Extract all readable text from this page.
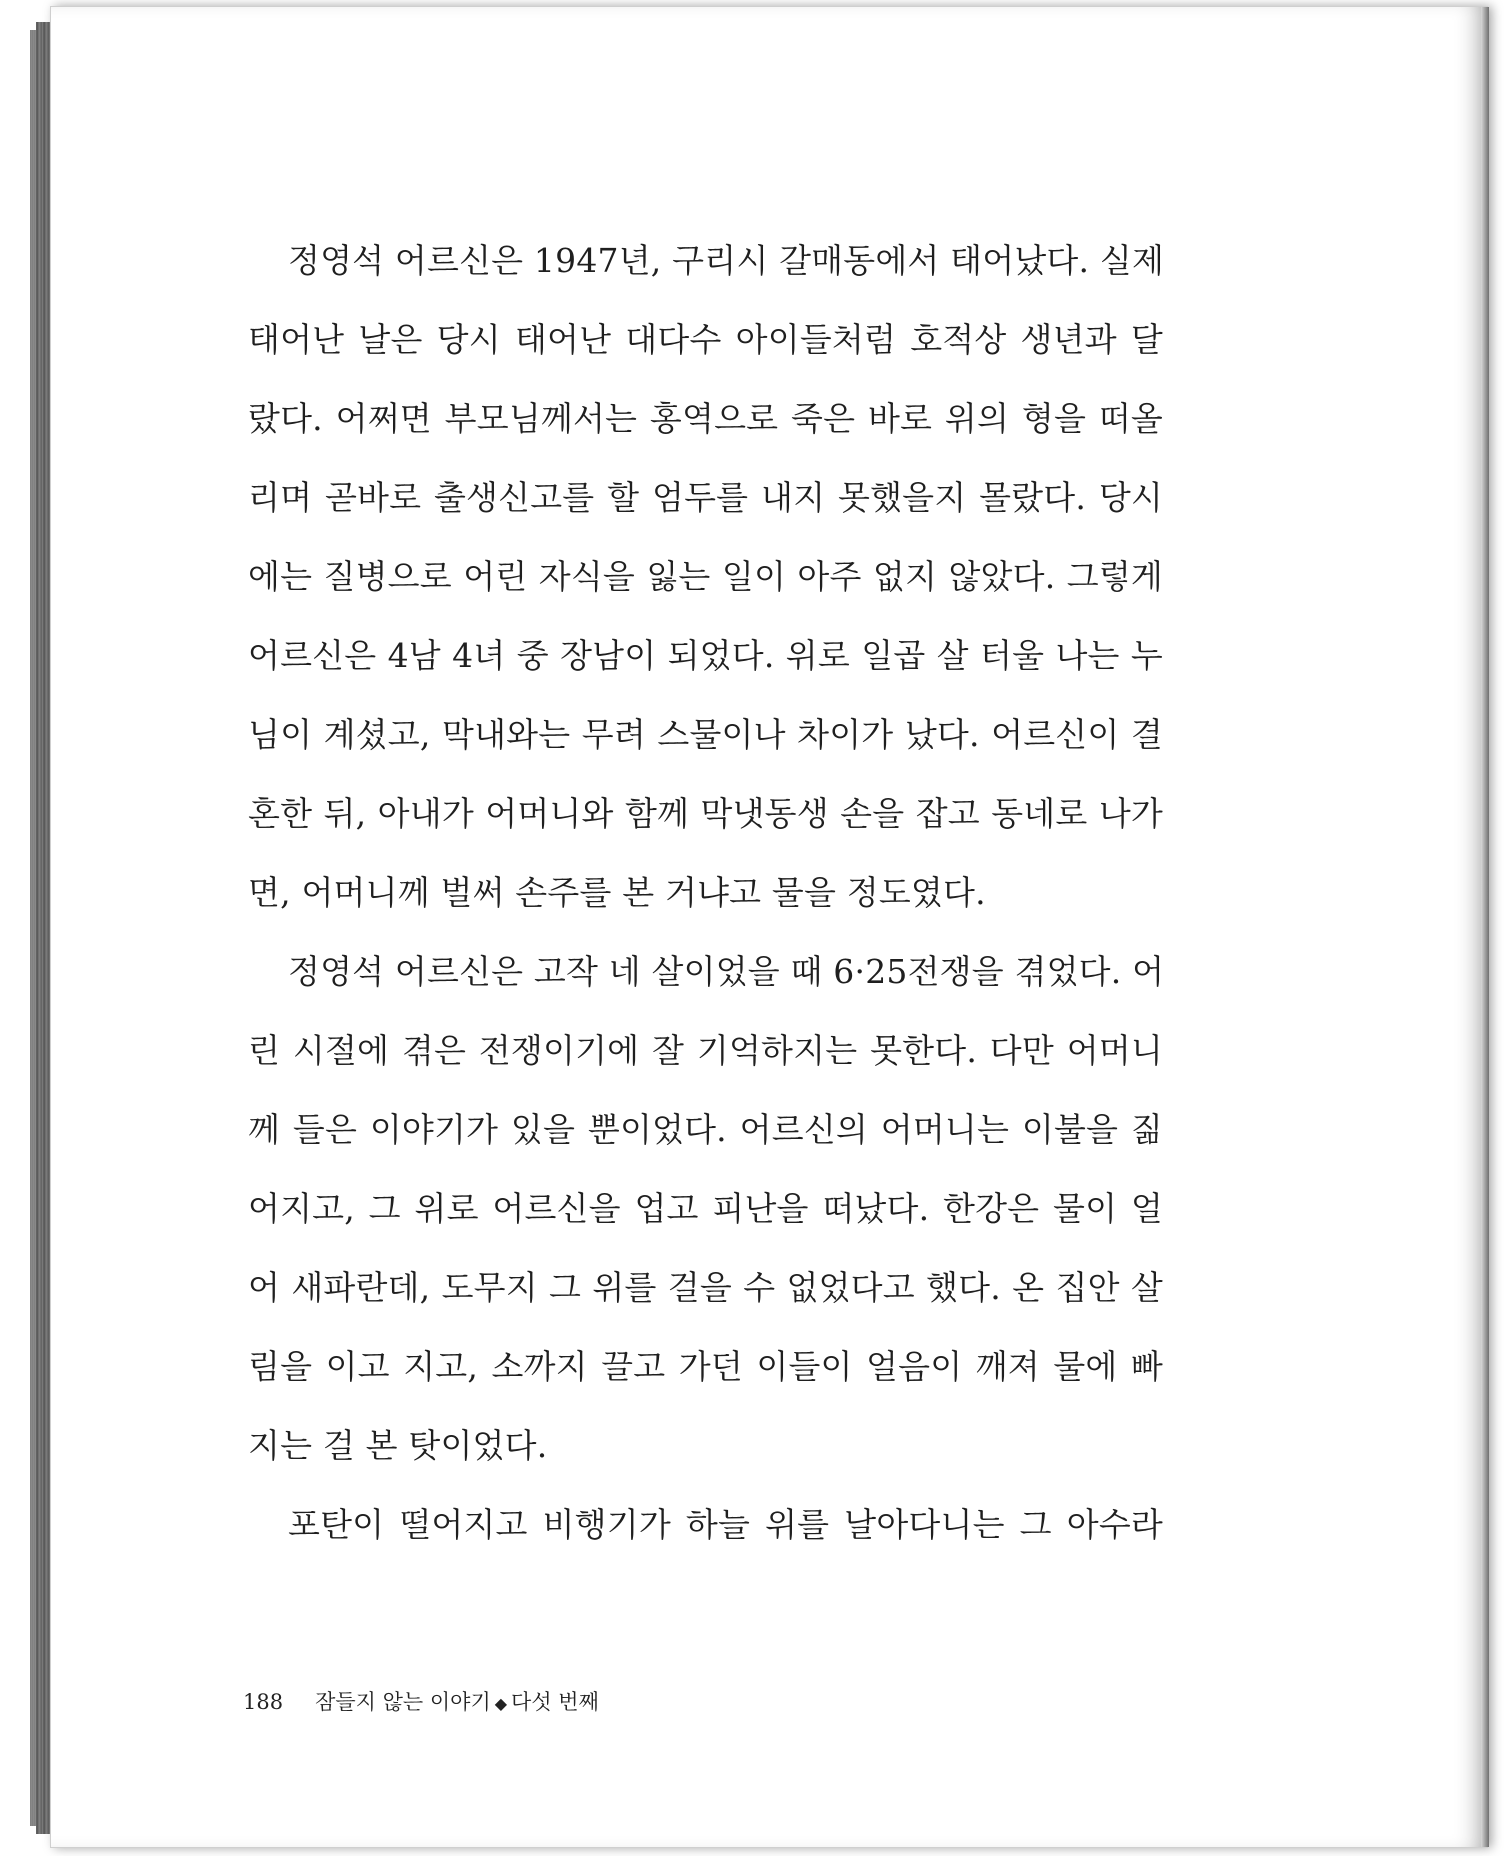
정영석 어르신은 1947년, 구리시 갈매동에서 태어났다. 실제
태어난 날은 당시 태어난 대다수 아이들처럼 호적상 생년과 달
랐다. 어쩌면 부모님께서는 홍역으로 죽은 바로 위의 형을 떠올
리며 곧바로 출생신고를 할 엄두를 내지 못했을지 몰랐다. 당시
에는 질병으로 어린 자식을 잃는 일이 아주 없지 않았다. 그렇게
어르신은 4남 4녀 중 장남이 되었다. 위로 일곱 살 터울 나는 누
님이 계셨고, 막내와는 무려 스물이나 차이가 났다. 어르신이 결
혼한 뒤, 아내가 어머니와 함께 막냇동생 손을 잡고 동네로 나가
면, 어머니께 벌써 손주를 본 거냐고 물을 정도였다.
정영석 어르신은 고작 네 살이었을 때 6·25전쟁을 겪었다. 어
린 시절에 겪은 전쟁이기에 잘 기억하지는 못한다. 다만 어머니
께 들은 이야기가 있을 뿐이었다. 어르신의 어머니는 이불을 짊
어지고, 그 위로 어르신을 업고 피난을 떠났다. 한강은 물이 얼
어 새파란데, 도무지 그 위를 걸을 수 없었다고 했다. 온 집안 살
림을 이고 지고, 소까지 끌고 가던 이들이 얼음이 깨져 물에 빠
지는 걸 본 탓이었다.
포탄이 떨어지고 비행기가 하늘 위를 날아다니는 그 아수라
188 잠들지 않는 이야기 ◆ 다섯 번째
